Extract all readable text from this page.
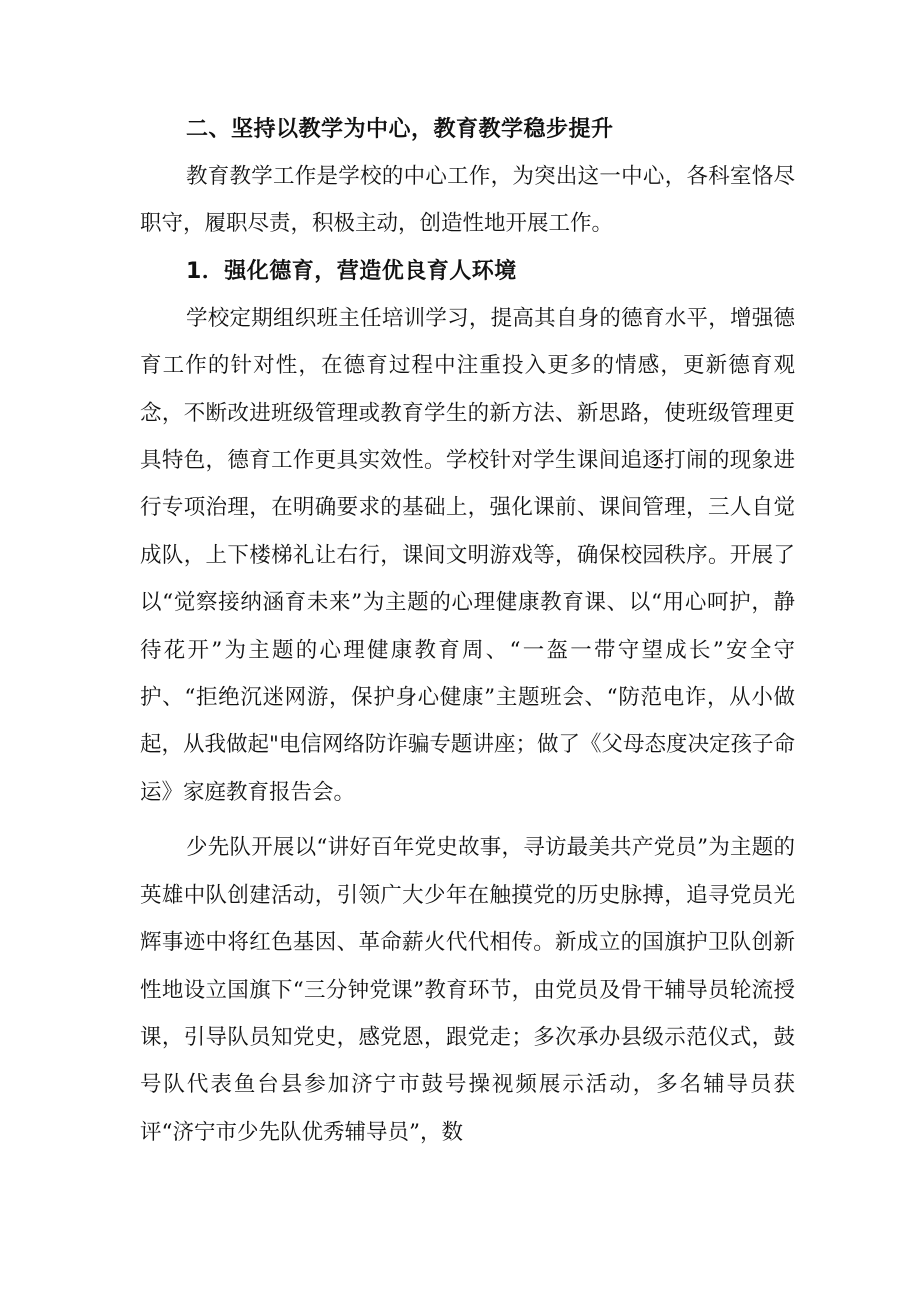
二、坚持以教学为中心，教育教学稳步提升

教育教学工作是学校的中心工作，为突出这一中心，各科室恪尽职守，履职尽责，积极主动，创造性地开展工作。

1．强化德育，营造优良育人环境

学校定期组织班主任培训学习，提高其自身的德育水平，增强德育工作的针对性，在德育过程中注重投入更多的情感，更新德育观念，不断改进班级管理或教育学生的新方法、新思路，使班级管理更具特色，德育工作更具实效性。学校针对学生课间追逐打闹的现象进行专项治理，在明确要求的基础上，强化课前、课间管理，三人自觉成队，上下楼梯礼让右行，课间文明游戏等，确保校园秩序。开展了以“觉察接纳涵育未来”为主题的心理健康教育课、以“用心呵护，静待花开”为主题的心理健康教育周、“一盔一带守望成长”安全守护、“拒绝沉迷网游，保护身心健康”主题班会、“防范电诈，从小做起，从我做起"电信网络防诈骗专题讲座；做了《父母态度决定孩子命运》家庭教育报告会。

少先队开展以“讲好百年党史故事，寻访最美共产党员”为主题的英雄中队创建活动，引领广大少年在触摸党的历史脉搏，追寻党员光辉事迹中将红色基因、革命薪火代代相传。新成立的国旗护卫队创新性地设立国旗下“三分钟党课”教育环节，由党员及骨干辅导员轮流授课，引导队员知党史，感党恩，跟党走；多次承办县级示范仪式，鼓号队代表鱼台县参加济宁市鼓号操视频展示活动，多名辅导员获评“济宁市少先队优秀辅导员”，数
